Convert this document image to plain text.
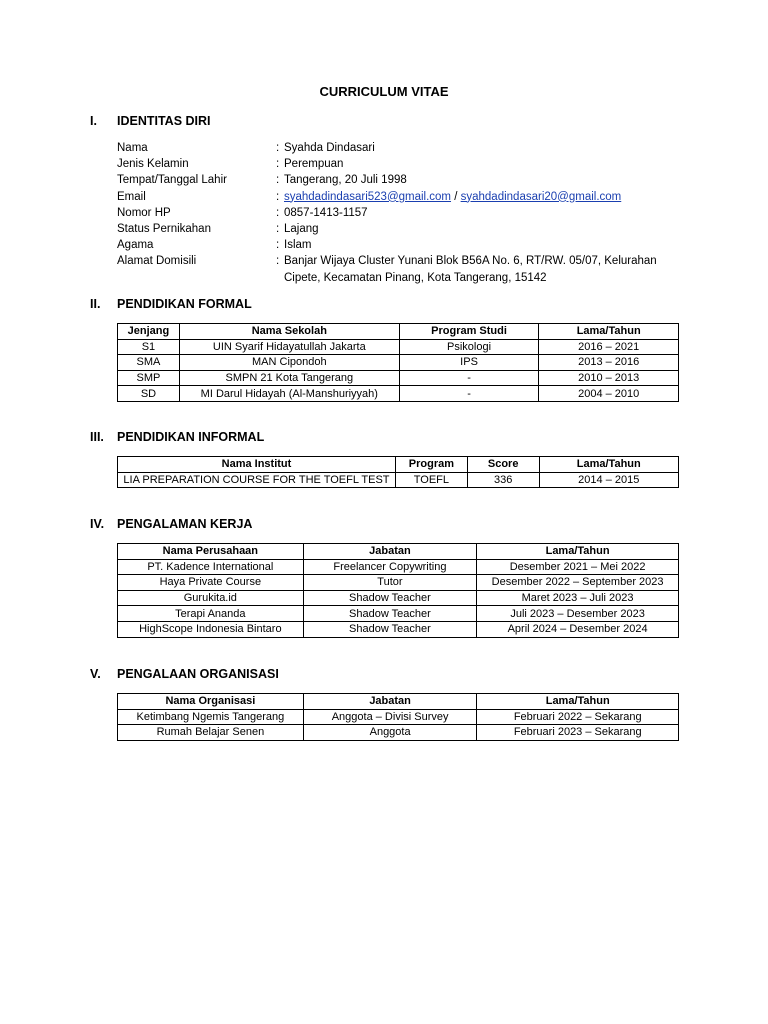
CURRICULUM VITAE
I. IDENTITAS DIRI
Nama	: Syahda Dindasari
Jenis Kelamin	: Perempuan
Tempat/Tanggal Lahir	: Tangerang, 20 Juli 1998
Email	: syahdadindasari523@gmail.com / syahdadindasari20@gmail.com
Nomor HP	: 0857-1413-1157
Status Pernikahan	: Lajang
Agama	: Islam
Alamat Domisili	: Banjar Wijaya Cluster Yunani Blok B56A No. 6, RT/RW. 05/07, Kelurahan
Cipete, Kecamatan Pinang, Kota Tangerang, 15142
II. PENDIDIKAN FORMAL
Jenjang	Nama Sekolah	Program Studi	Lama/Tahun
S1	UIN Syarif Hidayatullah Jakarta	Psikologi	2016 – 2021
SMA	MAN Cipondoh	IPS	2013 – 2016
SMP	SMPN 21 Kota Tangerang	-	2010 – 2013
SD	MI Darul Hidayah (Al-Manshuriyyah)	-	2004 – 2010
III. PENDIDIKAN INFORMAL
Nama Institut	Program	Score	Lama/Tahun
LIA PREPARATION COURSE FOR THE TOEFL TEST	TOEFL	336	2014 – 2015
IV. PENGALAMAN KERJA
Nama Perusahaan	Jabatan	Lama/Tahun
PT. Kadence International	Freelancer Copywriting	Desember 2021 – Mei 2022
Haya Private Course	Tutor	Desember 2022 – September 2023
Gurukita.id	Shadow Teacher	Maret 2023 – Juli 2023
Terapi Ananda	Shadow Teacher	Juli 2023 – Desember 2023
HighScope Indonesia Bintaro	Shadow Teacher	April 2024 – Desember 2024
V. PENGALAAN ORGANISASI
Nama Organisasi	Jabatan	Lama/Tahun
Ketimbang Ngemis Tangerang	Anggota – Divisi Survey	Februari 2022 – Sekarang
Rumah Belajar Senen	Anggota	Februari 2023 – Sekarang
